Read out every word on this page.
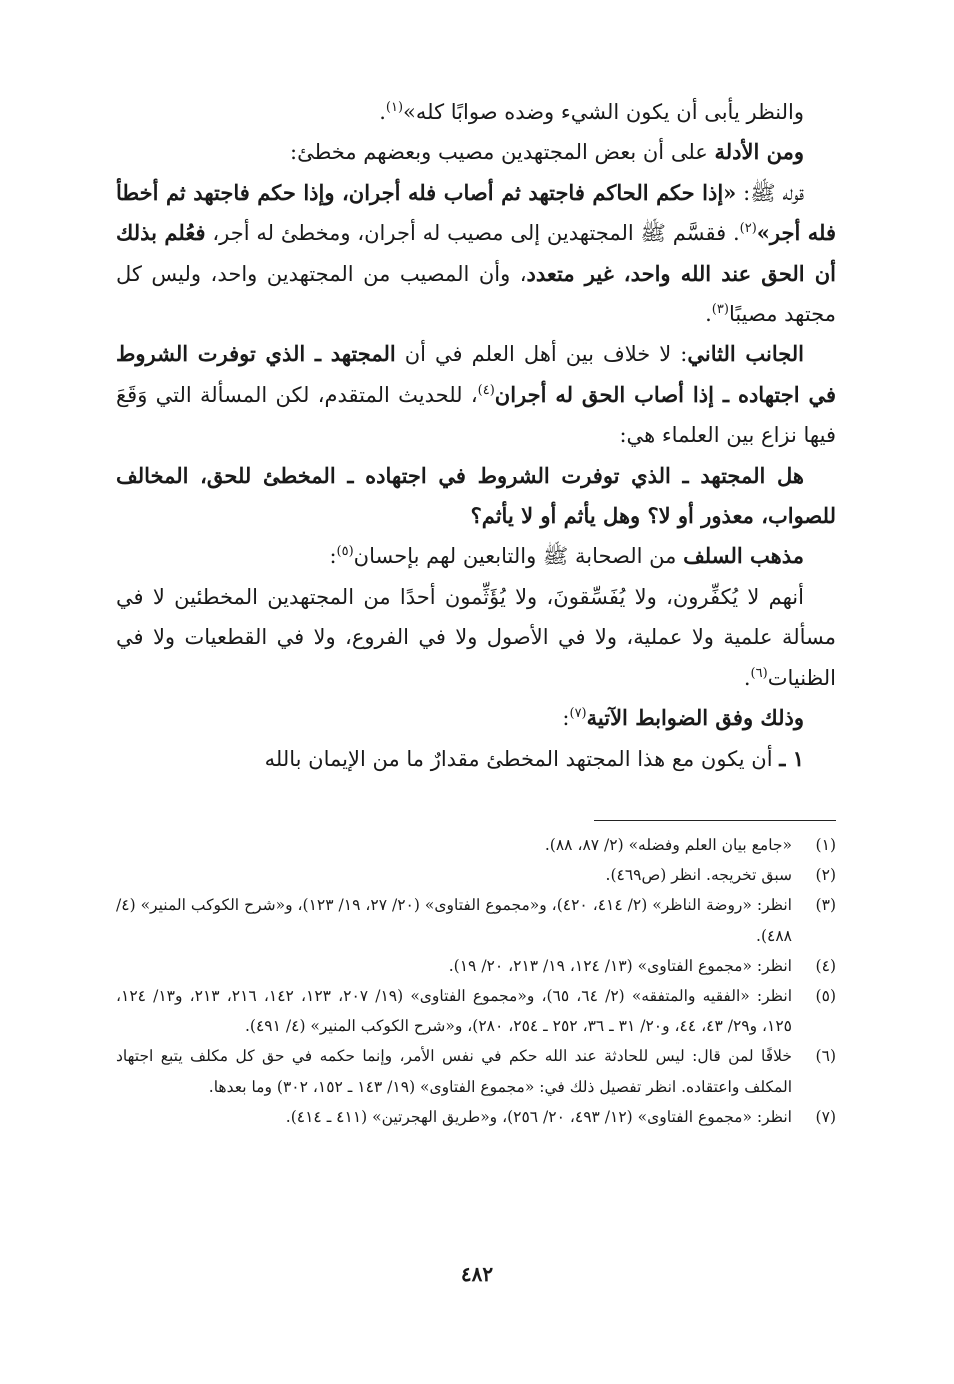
والنظر يأبى أن يكون الشيء وضده صوابًا كله»$^{(١)}$.

ومن الأدلة على أن بعض المجتهدين مصيب وبعضهم مخطئ:

قوله ﷺ: «إذا حكم الحاكم فاجتهد ثم أصاب فله أجران، وإذا حكم فاجتهد ثم أخطأ فله أجر»$^{(٢)}$. فقسَّم ﷺ المجتهدين إلى مصيب له أجران، ومخطئ له أجر، فعُلم بذلك أن الحق عند الله واحد، غير متعدد، وأن المصيب من المجتهدين واحد، وليس كل مجتهد مصيبًا$^{(٣)}$.

الجانب الثاني: لا خلاف بين أهل العلم في أن المجتهد ـ الذي توفرت الشروط في اجتهاده ـ إذا أصاب الحق له أجران$^{(٤)}$، للحديث المتقدم، لكن المسألة التي وَقَعَ فيها نزاع بين العلماء هي:

هل المجتهد ـ الذي توفرت الشروط في اجتهاده ـ المخطئ للحق، المخالف للصواب، معذور أو لا؟ وهل يأثم أو لا يأثم؟

مذهب السلف من الصحابة ﷺ والتابعين لهم بإحسان$^{(٥)}$:

أنهم لا يُكفِّرون، ولا يُفَسِّقونَ، ولا يُؤَثِّمون أحدًا من المجتهدين المخطئين لا في مسألة علمية ولا عملية، ولا في الأصول ولا في الفروع، ولا في القطعيات ولا في الظنيات$^{(٦)}$.

وذلك وفق الضوابط الآتية$^{(٧)}$:

١ ـ أن يكون مع هذا المجتهد المخطئ مقدارٌ ما من الإيمان بالله

(١)
«جامع بيان العلم وفضله» (٢/ ٨٧، ٨٨).
(٢)
سبق تخريجه. انظر (ص٤٦٩).
(٣)
انظر: «روضة الناظر» (٢/ ٤١٤، ٤٢٠)، و«مجموع الفتاوى» (٢٠/ ٢٧، ١٩/ ١٢٣)، و«شرح الكوكب المنير» (٤/ ٤٨٨).
(٤)
انظر: «مجموع الفتاوى» (١٣/ ١٢٤، ١٩/ ٢١٣، ٢٠/ ١٩).
(٥)
انظر: «الفقيه والمتفقه» (٢/ ٦٤، ٦٥)، و«مجموع الفتاوى» (١٩/ ٢٠٧، ١٢٣، ١٤٢، ٢١٦، ٢١٣، و١٣/ ١٢٤، ١٢٥، و٢٩/ ٤٣، ٤٤، و٢٠/ ٣١ ـ ٣٦، ٢٥٢ ـ ٢٥٤، ٢٨٠)، و«شرح الكوكب المنير» (٤/ ٤٩١).
(٦)
خلافًا لمن قال: ليس للحادثة عند الله حكم في نفس الأمر، وإنما حكمه في حق كل مكلف يتبع اجتهاد المكلف واعتقاده. انظر تفصيل ذلك في: «مجموع الفتاوى» (١٩/ ١٤٣ ـ ١٥٢، ٣٠٢) وما بعدها.
(٧)
انظر: «مجموع الفتاوى» (١٢/ ٤٩٣، ٢٠/ ٢٥٦)، و«طريق الهجرتين» (٤١١ ـ ٤١٤).
٤٨٢
